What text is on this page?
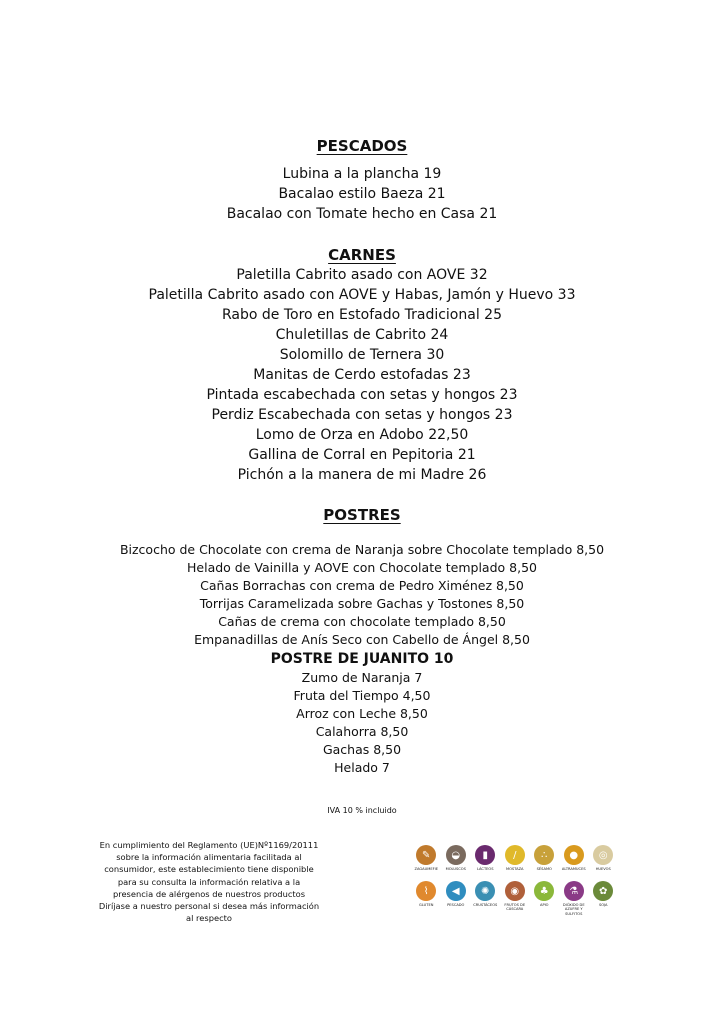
PESCADOS

Lubina a la plancha 19

Bacalao estilo Baeza 21

Bacalao con Tomate hecho en Casa 21

CARNES

Paletilla Cabrito asado con AOVE 32

Paletilla Cabrito asado con AOVE y Habas, Jamón y Huevo 33

Rabo de Toro en Estofado Tradicional 25

Chuletillas de Cabrito 24

Solomillo de Ternera 30

Manitas de Cerdo estofadas 23

Pintada escabechada con setas y hongos 23

Perdiz Escabechada con setas y hongos 23

Lomo de Orza en Adobo 22,50

Gallina de Corral en Pepitoria 21

Pichón a la manera de mi Madre 26

POSTRES

Bizcocho de Chocolate con crema de Naranja sobre Chocolate templado 8,50

Helado de Vainilla y AOVE con Chocolate templado 8,50

Cañas Borrachas con crema de Pedro Ximénez 8,50

Torrijas Caramelizada sobre Gachas y Tostones 8,50

Cañas de crema con chocolate templado 8,50

Empanadillas de Anís Seco con Cabello de Ángel 8,50

POSTRE DE JUANITO 10

Zumo de Naranja 7

Fruta del Tiempo 4,50

Arroz con Leche 8,50

Calahorra 8,50

Gachas 8,50

Helado 7

IVA 10 % incluido

En cumplimiento del Reglamento (UE)Nº1169/20111

sobre la información alimentaria facilitada al

consumidor, este establecimiento tiene disponible

para su consulta la información relativa a la

presencia de alérgenos de nuestros productos

Diríjase a nuestro personal si desea más información

al respecto

✎
ZAGAUMEFIE
◒
MOLUSCOS
▮
LÁCTEOS
/
MOSTAZA
∴
SÉSAMO
●
ALTRAMUCES
◎
HUEVOS
⌇
GLUTEN
◀
PESCADO
✺
CRUSTÁCEOS
◉
FRUTOS DE CÁSCARA
♣
APIO
⚗
DIÓXIDO DE AZUFRE Y SULFITOS
✿
SOJA
